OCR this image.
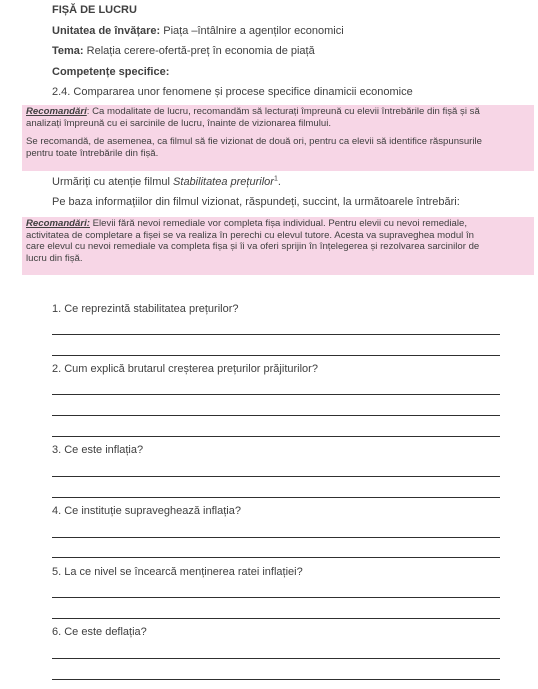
FIȘĂ DE LUCRU
Unitatea de învățare: Piața –întâlnire a agenților economici
Tema: Relația cerere-ofertă-preț în economia de piață
Competențe specifice:
2.4. Compararea unor fenomene și procese specifice dinamicii economice
Recomandări: Ca modalitate de lucru, recomandăm să lecturați împreună cu elevii întrebările din fișă și să
analizați împreună cu ei sarcinile de lucru, înainte de vizionarea filmului.
Se recomandă, de asemenea, ca filmul să fie vizionat de două ori, pentru ca elevii să identifice răspunsurile
pentru toate întrebările din fișă.
Urmăriți cu atenție filmul Stabilitatea prețurilor$^1$.
Pe baza informațiilor din filmul vizionat, răspundeți, succint, la următoarele întrebări:
Recomandări: Elevii fără nevoi remediale vor completa fișa individual. Pentru elevii cu nevoi remediale,
activitatea de completare a fișei se va realiza în perechi cu elevul tutore. Acesta va supraveghea modul în
care elevul cu nevoi remediale va completa fișa și îi va oferi sprijin în înțelegerea și rezolvarea sarcinilor de
lucru din fișă.
1. Ce reprezintă stabilitatea prețurilor?
2. Cum explică brutarul creșterea prețurilor prăjiturilor?
3. Ce este inflația?
4. Ce instituție supraveghează inflația?
5. La ce nivel se încearcă menținerea ratei inflației?
6. Ce este deflația?
